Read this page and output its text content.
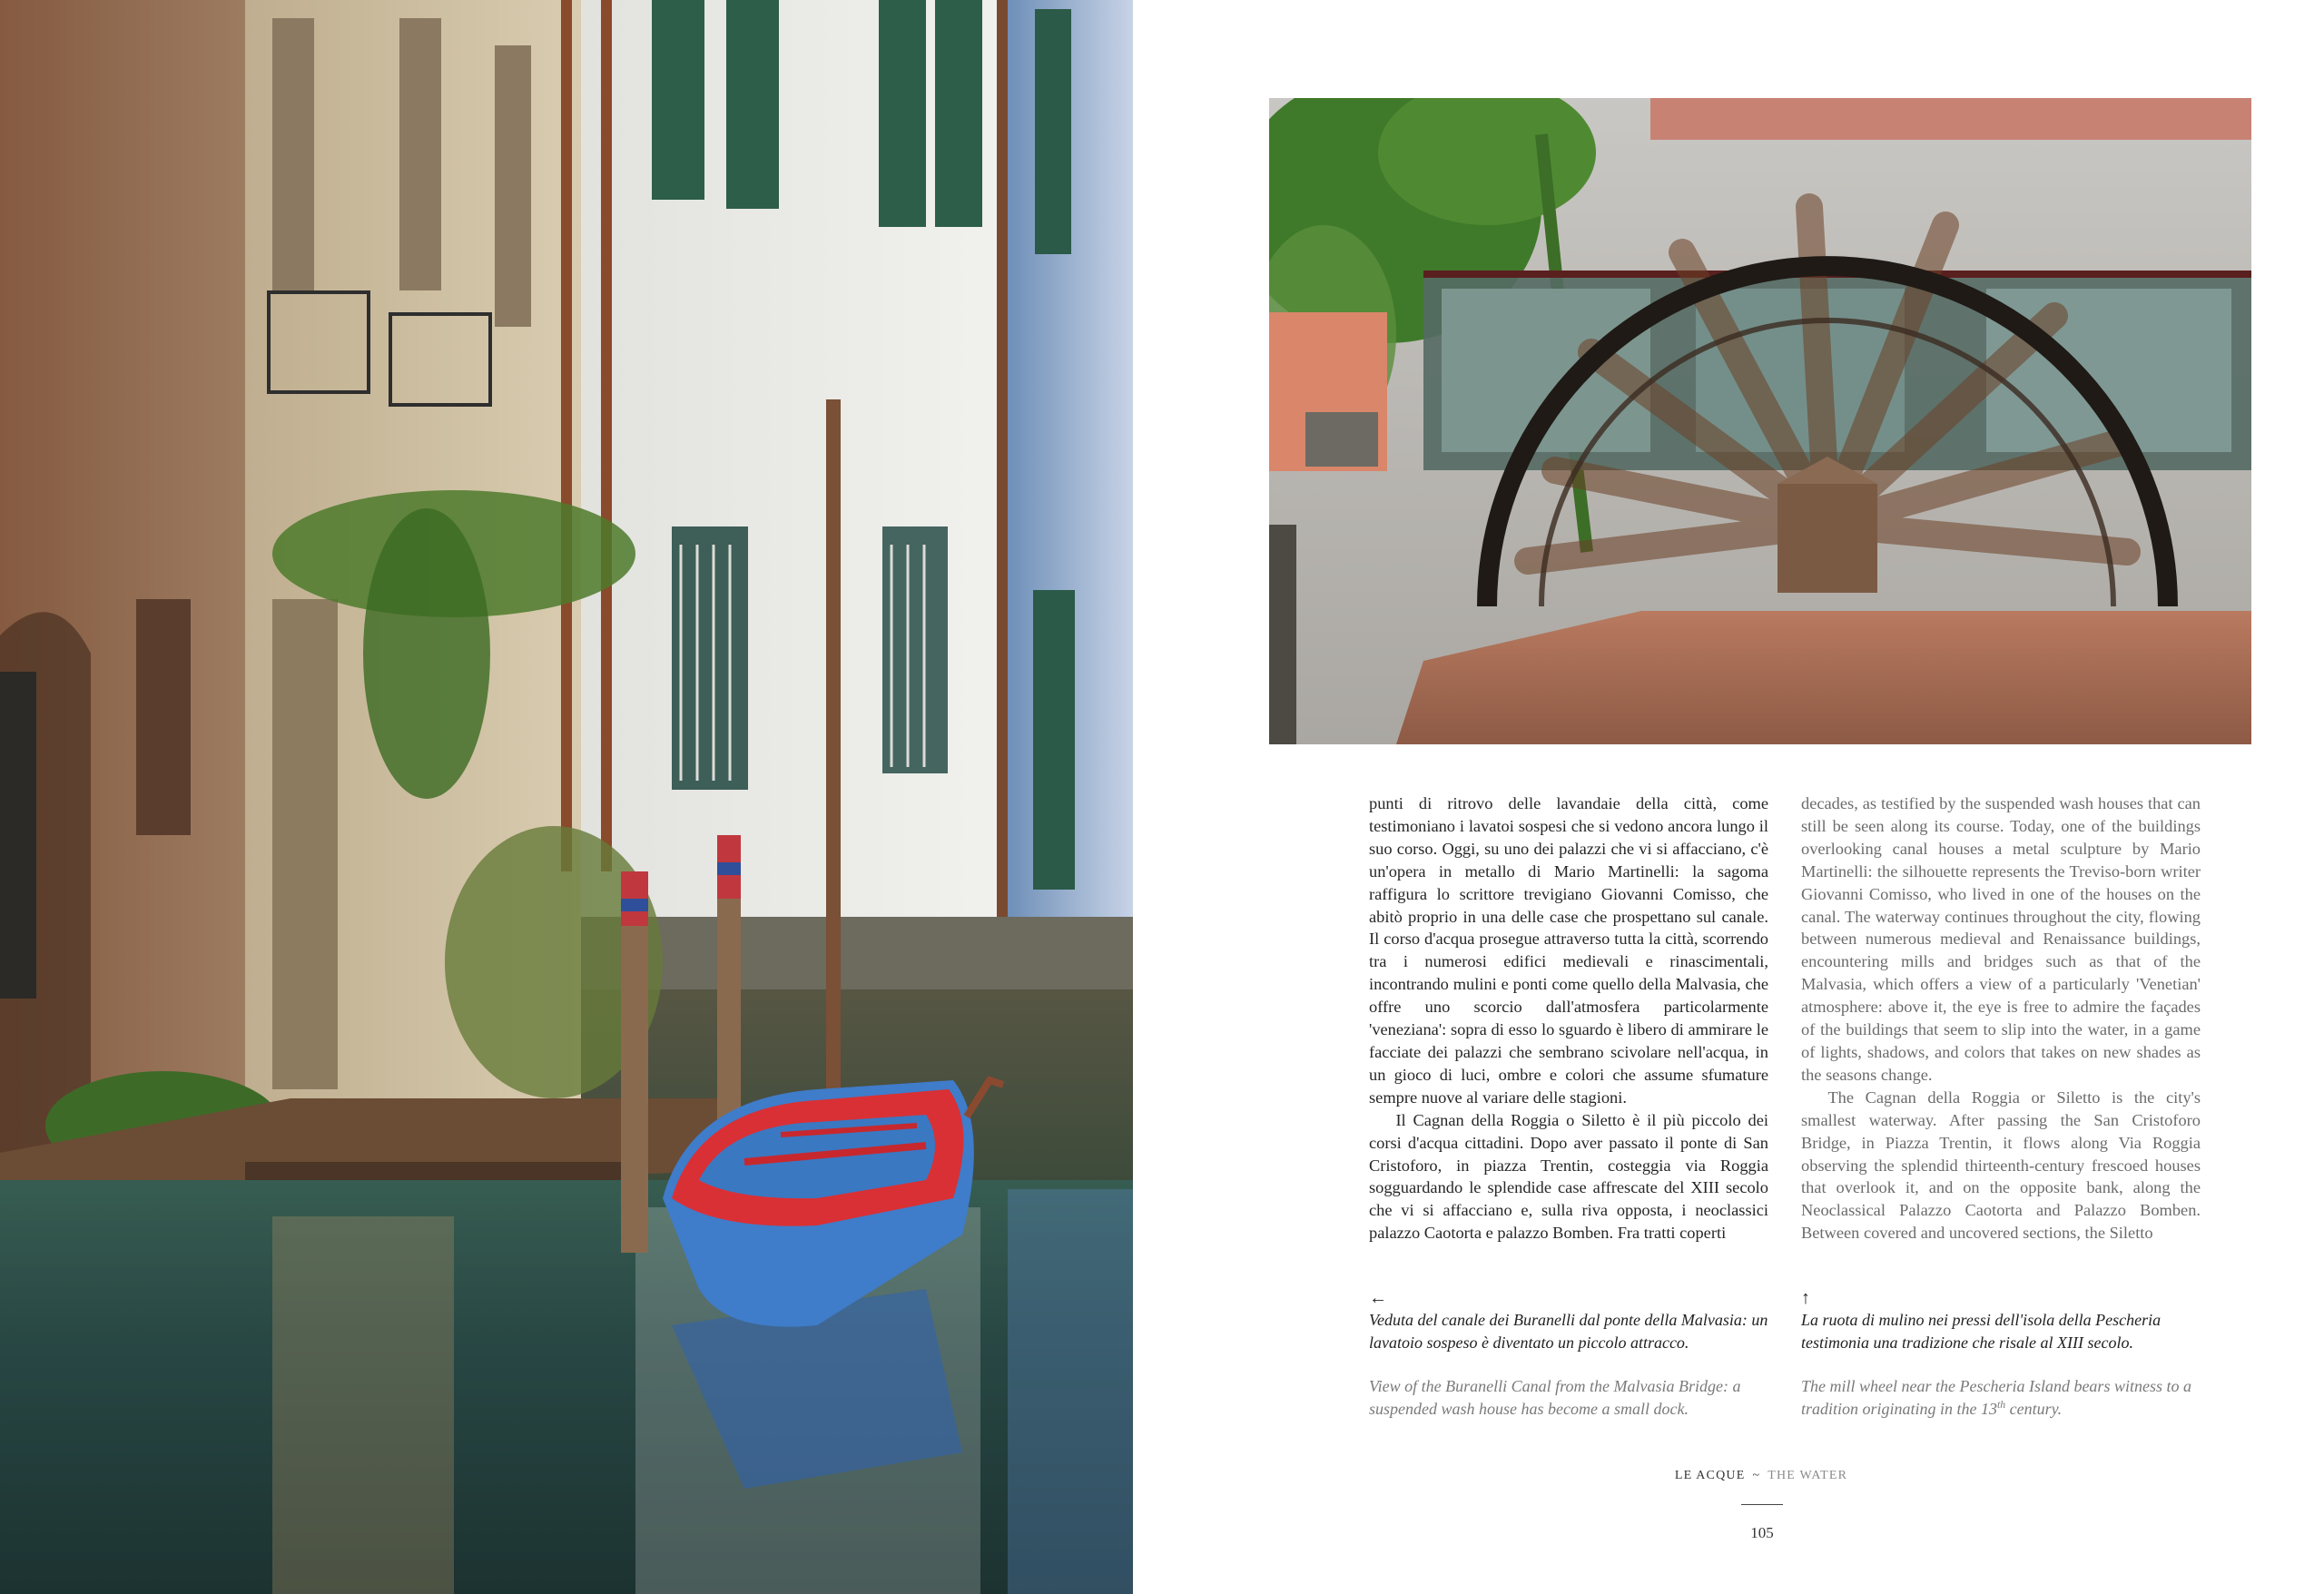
punti di ritrovo delle lavandaie della città, come testimoniano i lavatoi sospesi che si vedono ancora lungo il suo corso. Oggi, su uno dei palazzi che vi si affacciano, c'è un'opera in metallo di Mario Martinelli: la sagoma raffigura lo scrittore trevigiano Giovanni Comisso, che abitò proprio in una delle case che prospettano sul canale. Il corso d'acqua prosegue attraverso tutta la città, scorrendo tra i numerosi edifici medievali e rinascimentali, incontrando mulini e ponti come quello della Malvasia, che offre uno scorcio dall'atmosfera particolarmente 'veneziana': sopra di esso lo sguardo è libero di ammirare le facciate dei palazzi che sembrano scivolare nell'acqua, in un gioco di luci, ombre e colori che assume sfumature sempre nuove al variare delle stagioni.

Il Cagnan della Roggia o Siletto è il più piccolo dei corsi d'acqua cittadini. Dopo aver passato il ponte di San Cristoforo, in piazza Trentin, costeggia via Roggia sogguardando le splendide case affrescate del XIII secolo che vi si affacciano e, sulla riva opposta, i neoclassici palazzo Caotorta e palazzo Bomben. Fra tratti coperti

decades, as testified by the suspended wash houses that can still be seen along its course. Today, one of the buildings overlooking canal houses a metal sculpture by Mario Martinelli: the silhouette represents the Treviso-born writer Giovanni Comisso, who lived in one of the houses on the canal. The waterway continues throughout the city, flowing between numerous medieval and Renaissance buildings, encountering mills and bridges such as that of the Malvasia, which offers a view of a particularly 'Venetian' atmosphere: above it, the eye is free to admire the façades of the buildings that seem to slip into the water, in a game of lights, shadows, and colors that takes on new shades as the seasons change.

The Cagnan della Roggia or Siletto is the city's smallest waterway. After passing the San Cristoforo Bridge, in Piazza Trentin, it flows along Via Roggia observing the splendid thirteenth-century frescoed houses that overlook it, and on the opposite bank, along the Neoclassical Palazzo Caotorta and Palazzo Bomben. Between covered and uncovered sections, the Siletto

←
Veduta del canale dei Buranelli dal ponte della Malvasia: un lavatoio sospeso è diventato un piccolo attracco.
View of the Buranelli Canal from the Malvasia Bridge: a suspended wash house has become a small dock.
↑
La ruota di mulino nei pressi dell'isola della Pescheria testimonia una tradizione che risale al XIII secolo.
The mill wheel near the Pescheria Island bears witness to a tradition originating in the 13th century.
LE ACQUE ~ THE WATER
105
